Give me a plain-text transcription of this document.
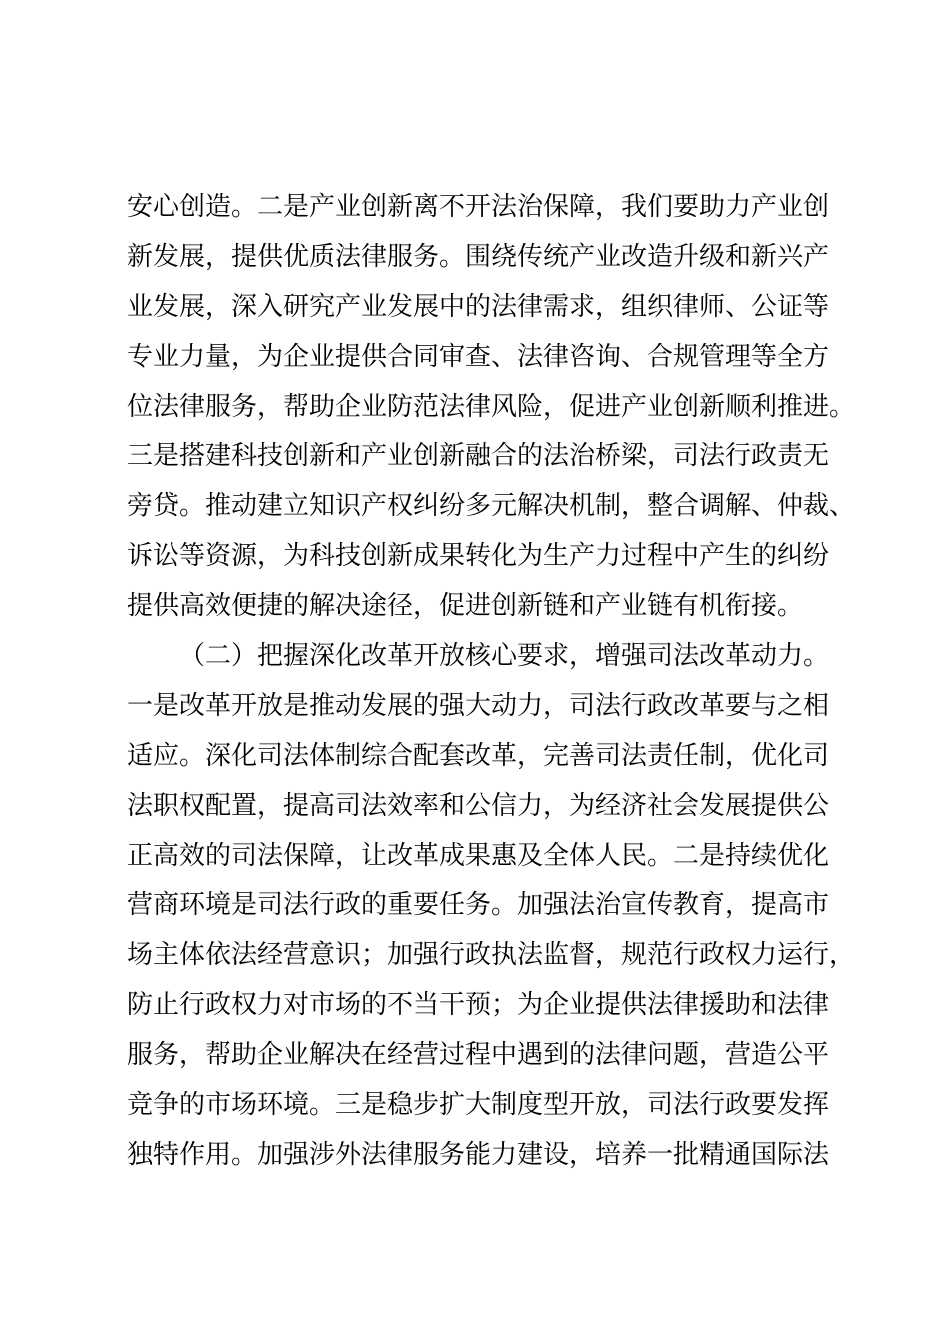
安心创造。二是产业创新离不开法治保障，我们要助力产业创
新发展，提供优质法律服务。围绕传统产业改造升级和新兴产
业发展，深入研究产业发展中的法律需求，组织律师、公证等
专业力量，为企业提供合同审查、法律咨询、合规管理等全方
位法律服务，帮助企业防范法律风险，促进产业创新顺利推进。
三是搭建科技创新和产业创新融合的法治桥梁，司法行政责无
旁贷。推动建立知识产权纠纷多元解决机制，整合调解、仲裁、
诉讼等资源，为科技创新成果转化为生产力过程中产生的纠纷
提供高效便捷的解决途径，促进创新链和产业链有机衔接。
（二）把握深化改革开放核心要求，增强司法改革动力。
一是改革开放是推动发展的强大动力，司法行政改革要与之相
适应。深化司法体制综合配套改革，完善司法责任制，优化司
法职权配置，提高司法效率和公信力，为经济社会发展提供公
正高效的司法保障，让改革成果惠及全体人民。二是持续优化
营商环境是司法行政的重要任务。加强法治宣传教育，提高市
场主体依法经营意识；加强行政执法监督，规范行政权力运行，
防止行政权力对市场的不当干预；为企业提供法律援助和法律
服务，帮助企业解决在经营过程中遇到的法律问题，营造公平
竞争的市场环境。三是稳步扩大制度型开放，司法行政要发挥
独特作用。加强涉外法律服务能力建设，培养一批精通国际法
